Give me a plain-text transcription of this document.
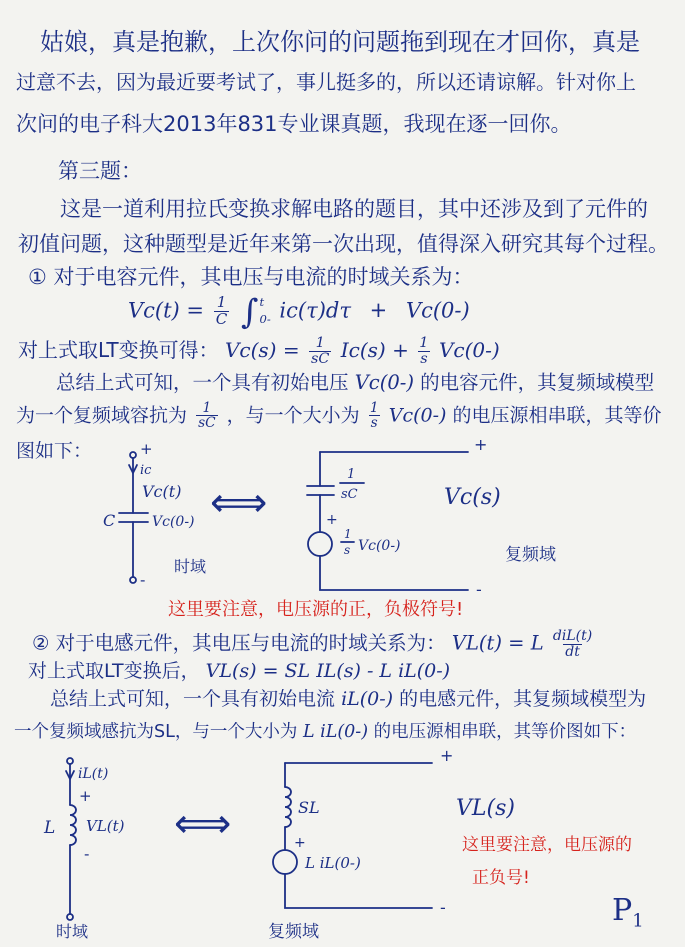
姑娘，真是抱歉，上次你问的问题拖到现在才回你，真是
过意不去，因为最近要考试了，事儿挺多的，所以还请谅解。针对你上
次问的电子科大2013年831专业课真题，我现在逐一回你。
第三题：
这是一道利用拉氏变换求解电路的题目，其中还涉及到了元件的
初值问题，这种题型是近年来第一次出现，值得深入研究其每个过程。
① 对于电容元件，其电压与电流的时域关系为：
$Vc(t) = \frac{1}{C}$
∫ t
0- ic(τ)dτ + Vc(0-)
对上式取LT变换可得： $Vc(s) = \frac{1}{sC} Ic(s) + \frac{1}{s} Vc(0-)$
总结上式可知，一个具有初始电压 Vc(0-) 的电容元件，其复频域模型
为一个复频域容抗为 $\frac{1}{sC}$ ，与一个大小为 $\frac{1}{s} Vc(0-)$ 的电压源相串联，其等价
图如下：	+
ic
Vc(t)
C	Vc(0-)
-
时域
⟺
+
1
sC
+
1
s Vc(0-)
-
Vc(s)
复频域
这里要注意，电压源的正，负极符号!
② 对于电感元件，其电压与电流的时域关系为： VL(t) = L $\frac{\text{diL(t)}}{dt}$
对上式取LT变换后， VL(s) = SL IL(s) - L iL(0-)
总结上式可知，一个具有初始电流 iL(0-) 的电感元件，其复频域模型为
一个复频域感抗为SL，与一个大小为 L iL(0-) 的电压源相串联，其等价图如下：
iL(t)
+
L VL(t)
-
时域
⟺
+
SL
+
L iL(0-)
-
VL(s)
复频域
这里要注意，电压源的
正负号!
$P_1$
